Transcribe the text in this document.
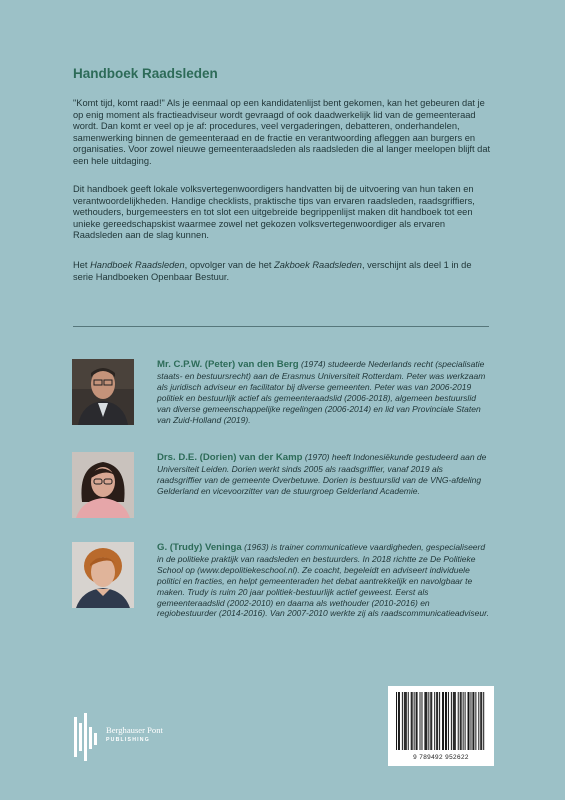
Handboek Raadsleden

"Komt tijd, komt raad!" Als je eenmaal op een kandidatenlijst bent gekomen, kan het gebeuren dat je op enig moment als fractieadviseur wordt gevraagd of ook daadwerkelijk lid van de gemeenteraad wordt. Dan komt er veel op je af: procedures, veel vergaderingen, debatteren, onderhandelen, samenwerking binnen de gemeenteraad en de fractie en verantwoording afleggen aan burgers en organisaties. Voor zowel nieuwe gemeenteraadsleden als raadsleden die al langer meelopen blijft dat een hele uitdaging.

Dit handboek geeft lokale volksvertegenwoordigers handvatten bij de uitvoering van hun taken en verantwoordelijkheden. Handige checklists, praktische tips van ervaren raadsleden, raadsgriffiers, wethouders, burgemeesters en tot slot een uitgebreide begrippenlijst maken dit handboek tot een unieke gereedschapskist waarmee zowel net gekozen volksvertegenwoordiger als ervaren Raadsleden aan de slag kunnen.

Het Handboek Raadsleden, opvolger van de het Zakboek Raadsleden, verschijnt als deel 1 in de serie Handboeken Openbaar Bestuur.

Mr. C.P.W. (Peter) van den Berg (1974) studeerde Nederlands recht (specialisatie staats- en bestuursrecht) aan de Erasmus Universiteit Rotterdam. Peter was werkzaam als juridisch adviseur en facilitator bij diverse gemeenten. Peter was van 2006-2019 politiek en bestuurlijk actief als gemeenteraadslid (2006-2018), algemeen bestuurslid van diverse gemeenschappelijke regelingen (2006-2014) en lid van Provinciale Staten van Zuid-Holland (2019).

Drs. D.E. (Dorien) van der Kamp (1970) heeft Indonesiëkunde gestudeerd aan de Universiteit Leiden. Dorien werkt sinds 2005 als raadsgriffier, vanaf 2019 als raadsgriffier van de gemeente Overbetuwe. Dorien is bestuurslid van de VNG-afdeling Gelderland en vicevoorzitter van de stuurgroep Gelderland Academie.

G. (Trudy) Veninga (1963) is trainer communicatieve vaardigheden, gespecialiseerd in de politieke praktijk van raadsleden en bestuurders. In 2018 richtte ze De Politieke School op (www.depolitiekeschool.nl). Ze coacht, begeleidt en adviseert individuele politici en fracties, en helpt gemeenteraden het debat aantrekkelijk en navolgbaar te maken. Trudy is ruim 20 jaar politiek-bestuurlijk actief geweest. Eerst als gemeenteraadslid (2002-2010) en daarna als wethouder (2010-2016) en regiobestuurder (2014-2016). Van 2007-2010 werkte zij als raadscommunicatieadviseur.

Berghauser Pont
PUBLISHING
9 789492 952622
